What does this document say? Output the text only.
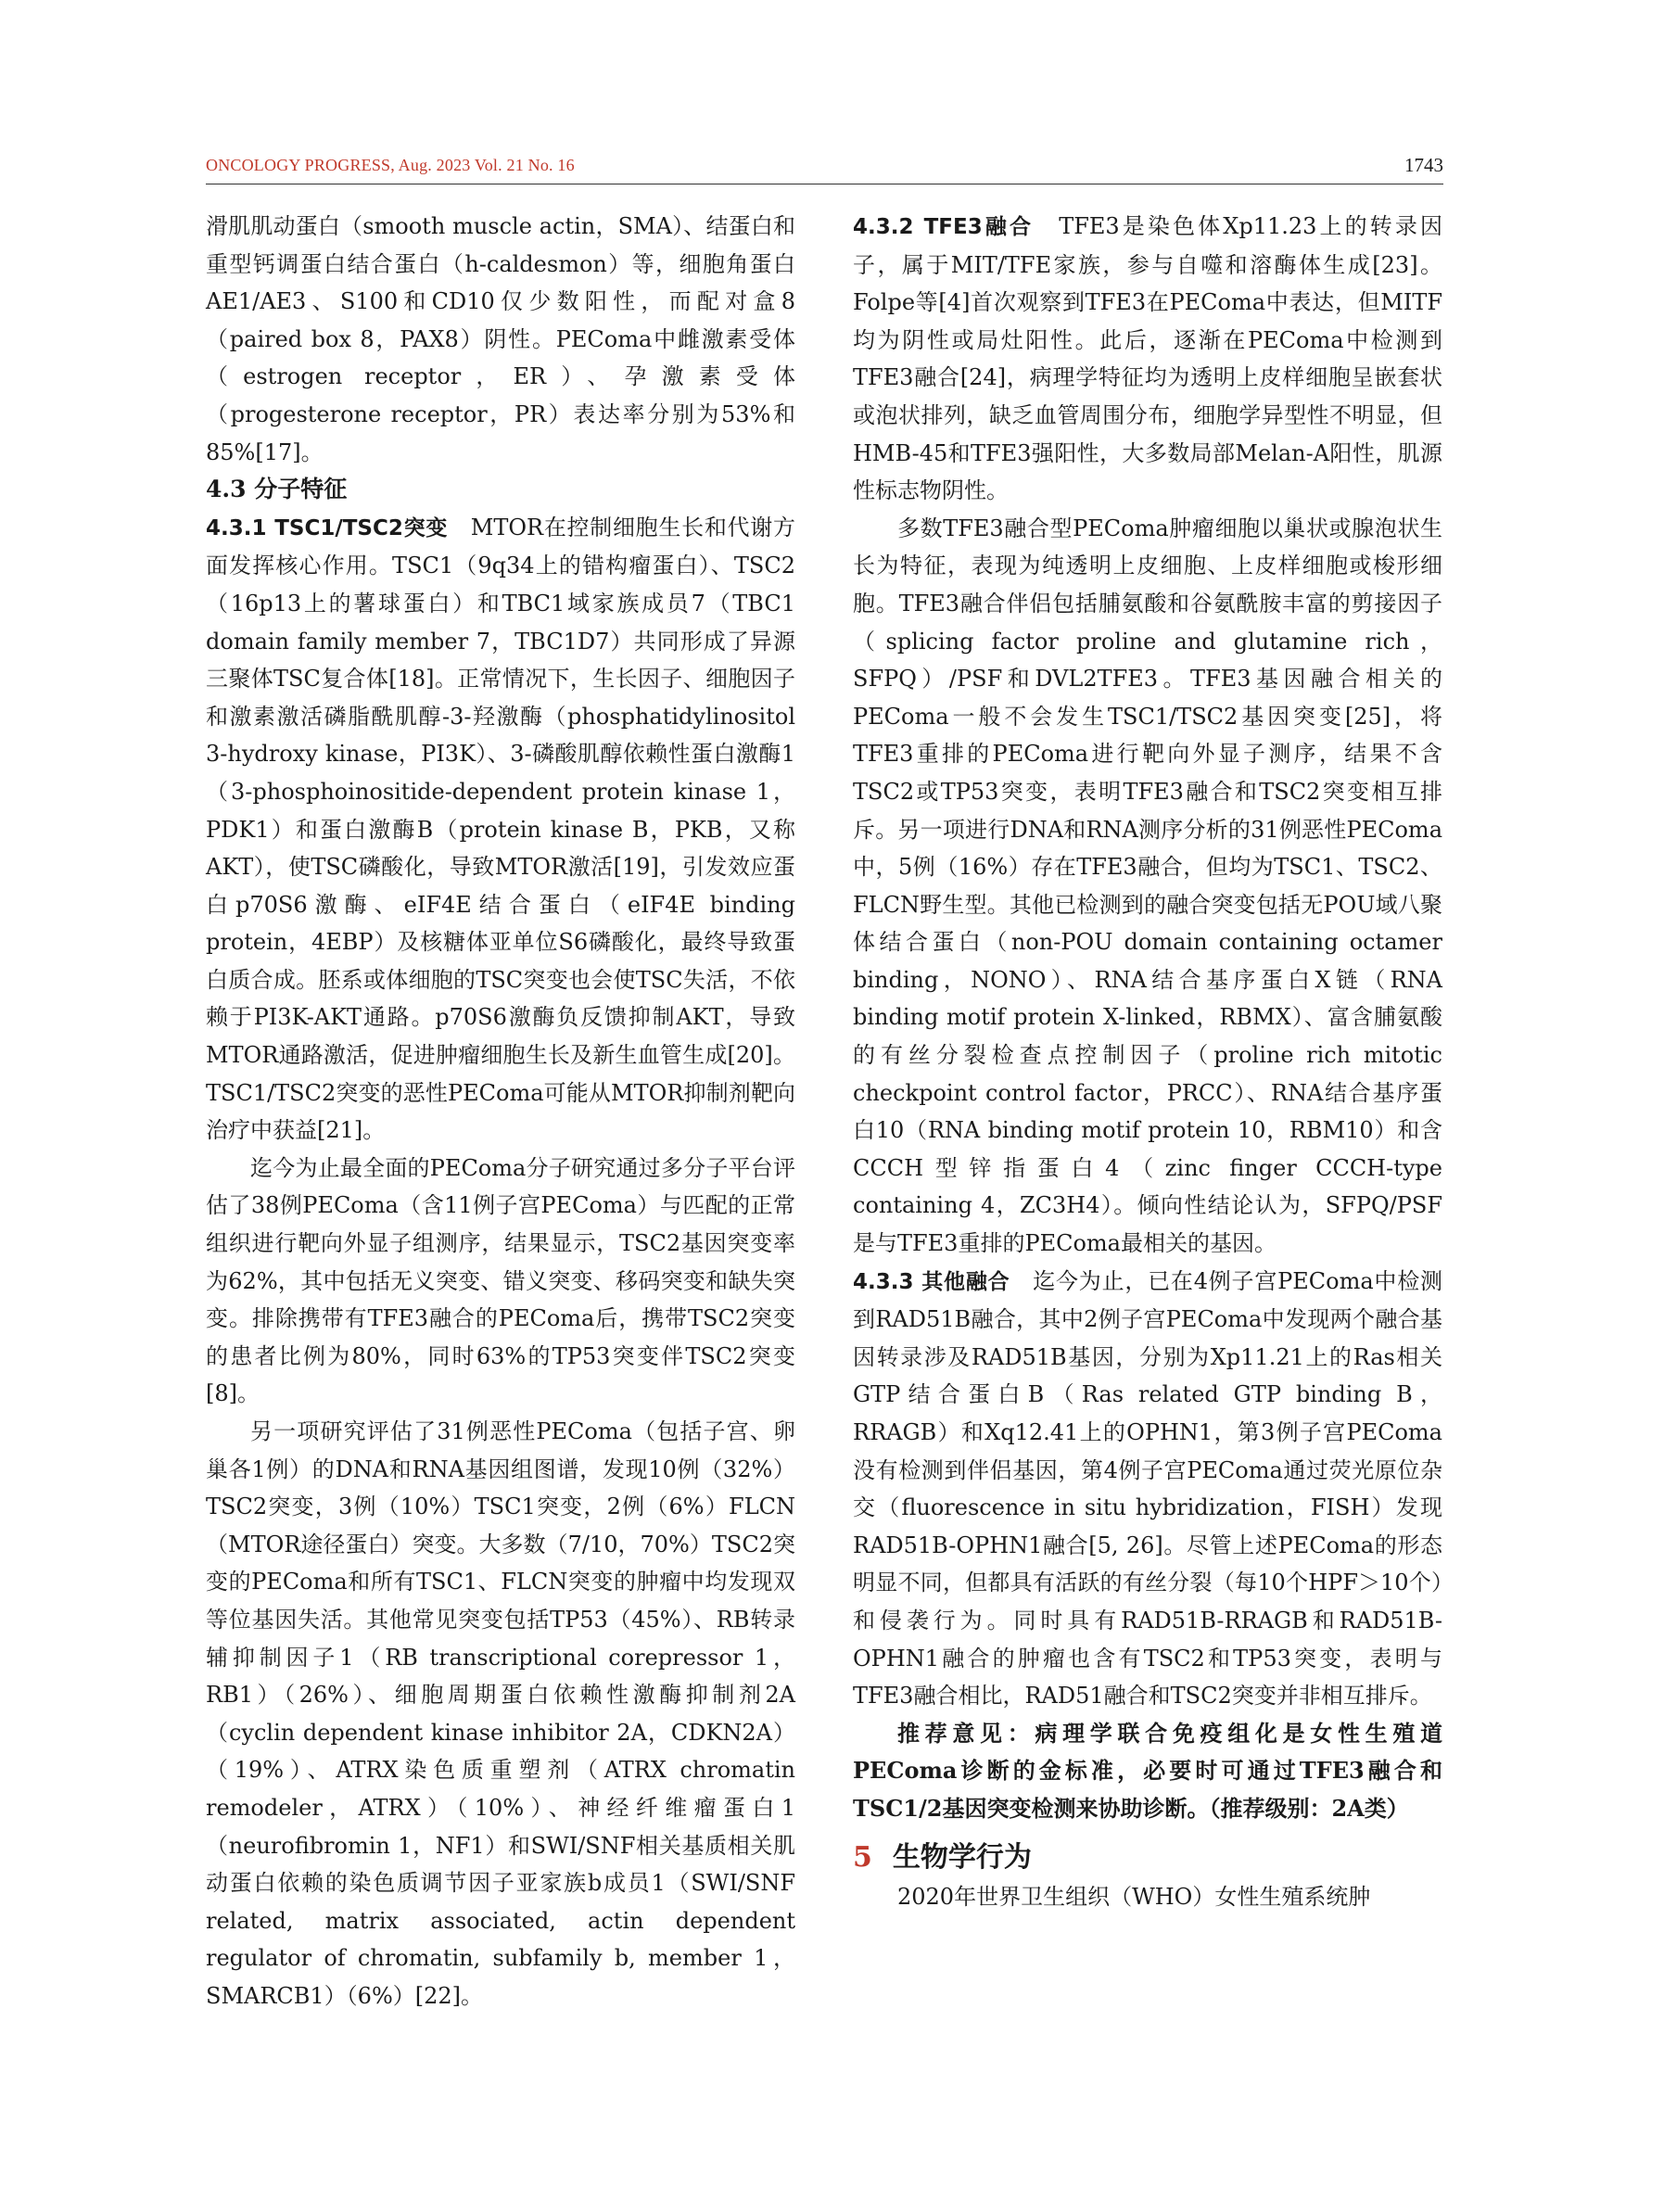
ONCOLOGY PROGRESS, Aug. 2023 Vol. 21 No. 16	1743

滑肌肌动蛋白（smooth muscle actin，SMA）、结蛋白和重型钙调蛋白结合蛋白（h-caldesmon）等，细胞角蛋白AE1/AE3、S100和CD10仅少数阳性，而配对盒8（paired box 8，PAX8）阴性。PEComa中雌激素受体（estrogen receptor，ER）、孕激素受体（progesterone receptor，PR）表达率分别为53%和85%[17]。

4.3 分子特征

4.3.1 TSC1/TSC2突变　 MTOR在控制细胞生长和代谢方面发挥核心作用。TSC1（9q34上的错构瘤蛋白）、TSC2（16p13上的薯球蛋白）和TBC1域家族成员7（TBC1 domain family member 7，TBC1D7）共同形成了异源三聚体TSC复合体[18]。正常情况下，生长因子、细胞因子和激素激活磷脂酰肌醇-3-羟激酶（phosphatidylinositol 3-hydroxy kinase，PI3K）、3-磷酸肌醇依赖性蛋白激酶1（3-phosphoinositide-dependent protein kinase 1，PDK1）和蛋白激酶B（protein kinase B，PKB，又称AKT），使TSC磷酸化，导致MTOR激活[19]，引发效应蛋白p70S6激酶、eIF4E结合蛋白（eIF4E binding protein，4EBP）及核糖体亚单位S6磷酸化，最终导致蛋白质合成。胚系或体细胞的TSC突变也会使TSC失活，不依赖于PI3K-AKT通路。p70S6激酶负反馈抑制AKT，导致MTOR通路激活，促进肿瘤细胞生长及新生血管生成[20]。TSC1/TSC2突变的恶性PEComa可能从MTOR抑制剂靶向治疗中获益[21]。

迄今为止最全面的PEComa分子研究通过多分子平台评估了38例PEComa（含11例子宫PEComa）与匹配的正常组织进行靶向外显子组测序，结果显示，TSC2基因突变率为62%，其中包括无义突变、错义突变、移码突变和缺失突变。排除携带有TFE3融合的PEComa后，携带TSC2突变的患者比例为80%，同时63%的TP53突变伴TSC2突变[8]。

另一项研究评估了31例恶性PEComa（包括子宫、卵巢各1例）的DNA和RNA基因组图谱，发现10例（32%）TSC2突变，3例（10%）TSC1突变，2例（6%）FLCN（MTOR途径蛋白）突变。大多数（7/10，70%）TSC2突变的PEComa和所有TSC1、FLCN突变的肿瘤中均发现双等位基因失活。其他常见突变包括TP53（45%）、RB转录辅抑制因子1（RB transcriptional corepressor 1，RB1）（26%）、细胞周期蛋白依赖性激酶抑制剂2A（cyclin dependent kinase inhibitor 2A，CDKN2A）（19%）、ATRX染色质重塑剂（ATRX chromatin remodeler，ATRX）（10%）、神经纤维瘤蛋白1（neurofibromin 1，NF1）和SWI/SNF相关基质相关肌动蛋白依赖的染色质调节因子亚家族b成员1（SWI/SNF related, matrix associated, actin dependent regulator of chromatin, subfamily b, member 1，SMARCB1）（6%）[22]。

4.3.2 TFE3融合　 TFE3是染色体Xp11.23上的转录因子，属于MIT/TFE家族，参与自噬和溶酶体生成[23]。Folpe等[4]首次观察到TFE3在PEComa中表达，但MITF均为阴性或局灶阳性。此后，逐渐在PEComa中检测到TFE3融合[24]，病理学特征均为透明上皮样细胞呈嵌套状或泡状排列，缺乏血管周围分布，细胞学异型性不明显，但HMB-45和TFE3强阳性，大多数局部Melan-A阳性，肌源性标志物阴性。

多数TFE3融合型PEComa肿瘤细胞以巢状或腺泡状生长为特征，表现为纯透明上皮细胞、上皮样细胞或梭形细胞。TFE3融合伴侣包括脯氨酸和谷氨酰胺丰富的剪接因子（splicing factor proline and glutamine rich，SFPQ）/PSF和DVL2TFE3。TFE3基因融合相关的PEComa一般不会发生TSC1/TSC2基因突变[25]，将TFE3重排的PEComa进行靶向外显子测序，结果不含TSC2或TP53突变，表明TFE3融合和TSC2突变相互排斥。另一项进行DNA和RNA测序分析的31例恶性PEComa中，5例（16%）存在TFE3融合，但均为TSC1、TSC2、FLCN野生型。其他已检测到的融合突变包括无POU域八聚体结合蛋白（non-POU domain containing octamer binding，NONO）、RNA结合基序蛋白X链（RNA binding motif protein X-linked，RBMX）、富含脯氨酸的有丝分裂检查点控制因子（proline rich mitotic checkpoint control factor，PRCC）、RNA结合基序蛋白10（RNA binding motif protein 10，RBM10）和含CCCH型锌指蛋白4（zinc finger CCCH-type containing 4，ZC3H4）。倾向性结论认为，SFPQ/PSF是与TFE3重排的PEComa最相关的基因。

4.3.3 其他融合　 迄今为止，已在4例子宫PEComa中检测到RAD51B融合，其中2例子宫PEComa中发现两个融合基因转录涉及RAD51B基因，分别为Xp11.21上的Ras相关GTP结合蛋白B（Ras related GTP binding B，RRAGB）和Xq12.41上的OPHN1，第3例子宫PEComa没有检测到伴侣基因，第4例子宫PEComa通过荧光原位杂交（fluorescence in situ hybridization，FISH）发现RAD51B-OPHN1融合[5, 26]。尽管上述PEComa的形态明显不同，但都具有活跃的有丝分裂（每10个HPF＞10个）和侵袭行为。同时具有RAD51B-RRAGB和RAD51B-OPHN1融合的肿瘤也含有TSC2和TP53突变，表明与TFE3融合相比，RAD51融合和TSC2突变并非相互排斥。

推荐意见：病理学联合免疫组化是女性生殖道PEComa诊断的金标准，必要时可通过TFE3融合和TSC1/2基因突变检测来协助诊断。（推荐级别：2A类）

5 生物学行为

2020年世界卫生组织（WHO）女性生殖系统肿
